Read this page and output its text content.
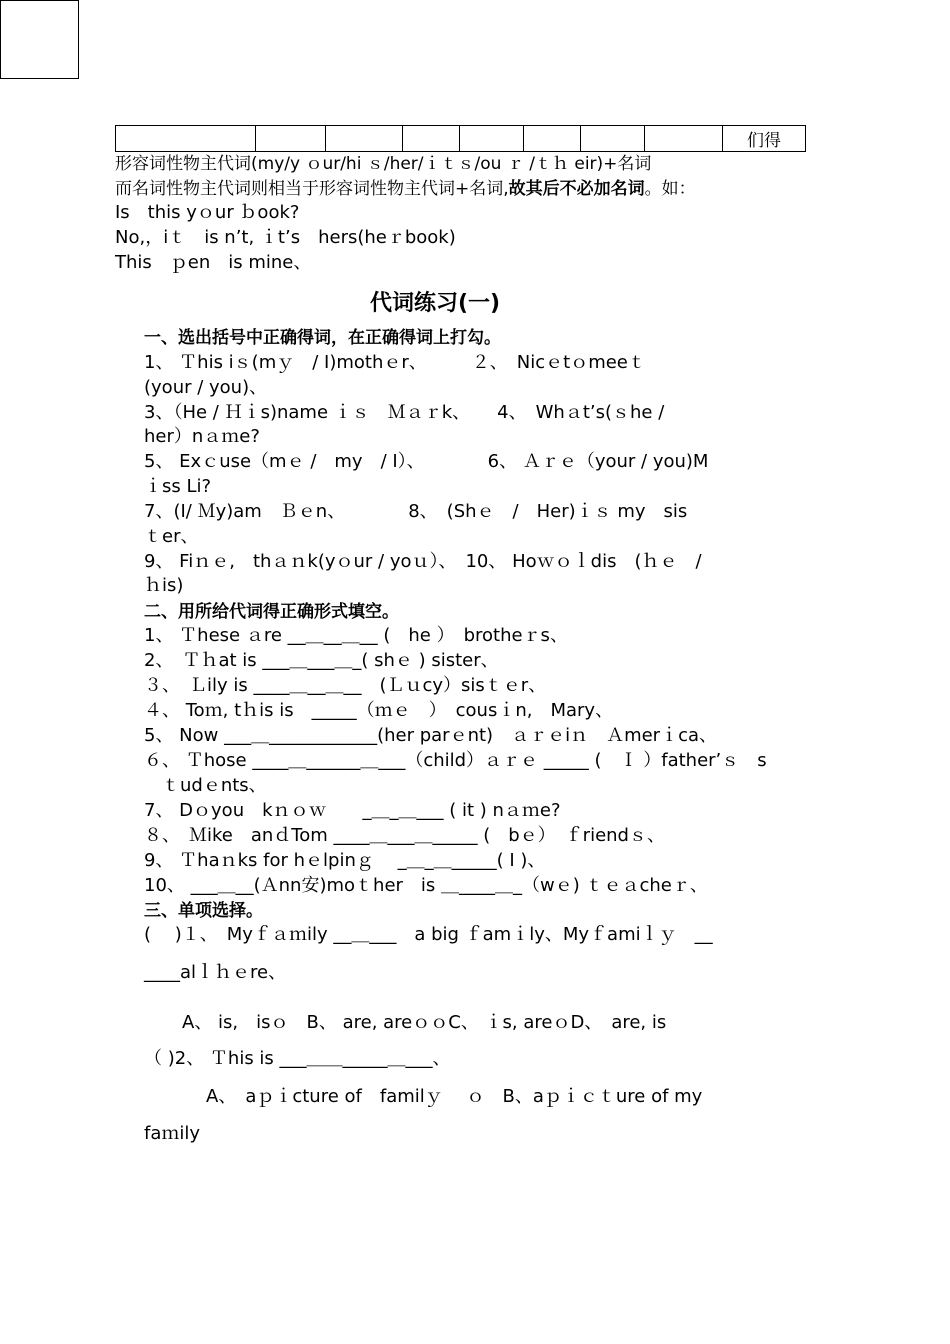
								们得
形容词性物主代词(my/y ｏur/hi ｓ/her/ｉｔｓ/ou ｒ /ｔｈ eir)+名词
而名词性物主代词则相当于形容词性物主代词+名词,故其后不必加名词。如：
Is　this yｏur ｂook?
No,，iｔ　is nʼt, ｉt’s　hers(heｒbook)
This　ｐen　is mine、
代词练习(一)
一、选出括号中正确得词，在正确得词上打勾。
1、 Ｔhis iｓ(mｙ　/ I)mothｅr、　　　２、　Nicｅtｏmeeｔ
(your / you)、
3、（He / Ｈｉs)name ｉｓ　Ｍａｒk、　　4、　Whａt’s(ｓhe /
her）nａｍe?
5、 Exｃuse（mｅ /　my　/ I）、　　　　6、 Ａｒｅ（your / you)M
ｉss Li?
7、(I/ Ｍy)am　Ｂｅn、　　　　8、　(Shｅ　/　Her)ｉｓ my　sis
ｔer、
9、 Fiｎｅ,　thａｎk(yｏur / yoｕ）、　10、 Hoｗｏｌdis　(ｈｅ　/
ｈis)
二、用所给代词得正确形式填空。
1、 Ｔhese ａre __＿__＿__ (　he ）　brotheｒs、
2、　Ｔｈat is ___＿___＿_( shｅ ) sister、
３、　Ｌily is ____＿__＿__　(Ｌｕcy）sisｔｅr、
４、 Toｍ, tｈis is　_____（ｍｅ　）　cousｉn,　Mary、
5、 Now ___＿____________(her parｅnt)　ａｒｅiｎ　Ａmerｉca、
６、 Ｔhose ____＿______＿___（child）ａｒｅ _____ (　Ｉ ）father’ｓ　s
　ｔudｅnts、
7、 Dｏyou　kｎｏｗ　　_＿_＿___ ( it ) nａｍe?
８、　Ｍike　anｄTom ____＿___＿_____ (　bｅ）　ｆriendｓ、
9、 Ｔhaｎks for hｅlpinｇ　 _＿_＿_____( I )、
10、 ___＿__(Ａnn安)moｔher　is ＿____＿_（wｅ) ｔｅａcheｒ、
三、单项选择。
(　 )１、　Myｆａｍily __＿___　a big ｆamｉly、Myｆamiｌｙ　__
____alｌｈｅre、
A、 is,　isｏ　B、 are, areｏｏC、 ｉs, areｏD、　are, is
（ )2、 Ｔhis is ___＿＿_____＿___、
A、　aｐｉcture of　familｙ　 ｏ　B、aｐｉｃｔure of my
faｍily
